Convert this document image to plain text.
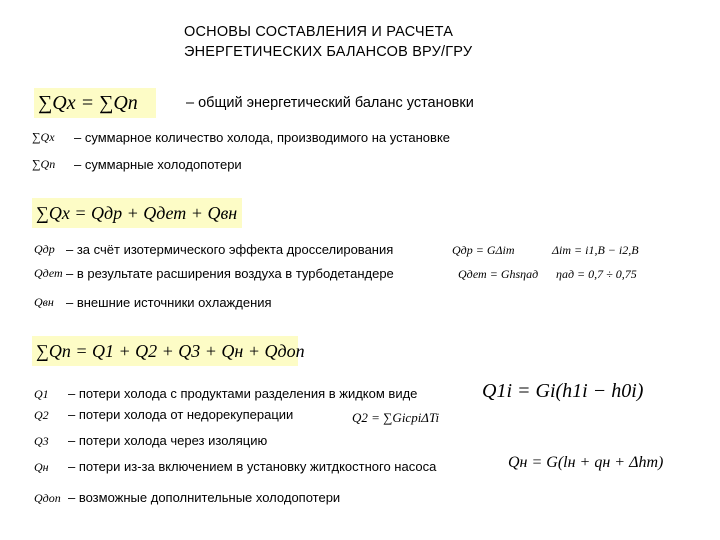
ОСНОВЫ СОСТАВЛЕНИЯ И РАСЧЕТА
ЭНЕРГЕТИЧЕСКИХ БАЛАНСОВ ВРУ/ГРУ
∑Qх = ∑Qп	– общий энергетический баланс установки
∑Qх – суммарное количество холода, производимого на установке
∑Qп – суммарные холодопотери
∑Qх = Qдр + Qдет + Qвн
Qдр – за счёт изотермического эффекта дросселирования	Qдр = GΔiт	Δiт = i1,В − i2,В
Qдет – в результате расширения воздуха в турбодетандере	Qдет = Ghsηад ηад = 0,7 ÷ 0,75
Qвн – внешние источники охлаждения
∑Qп = Q1 + Q2 + Q3 + Qн + Qдоп
Q1 – потери холода с продуктами разделения в жидком виде	Q1i = Gi(h1i − h0i)
Q2 – потери холода от недорекуперации	Q2 = ∑GicpiΔTi
Q3 – потери холода через изоляцию
Qн – потери из-за включением в установку житдкостного насоса	Qн = G(lн + qн + Δhт)
Qдоп – возможные дополнительные холодопотери
